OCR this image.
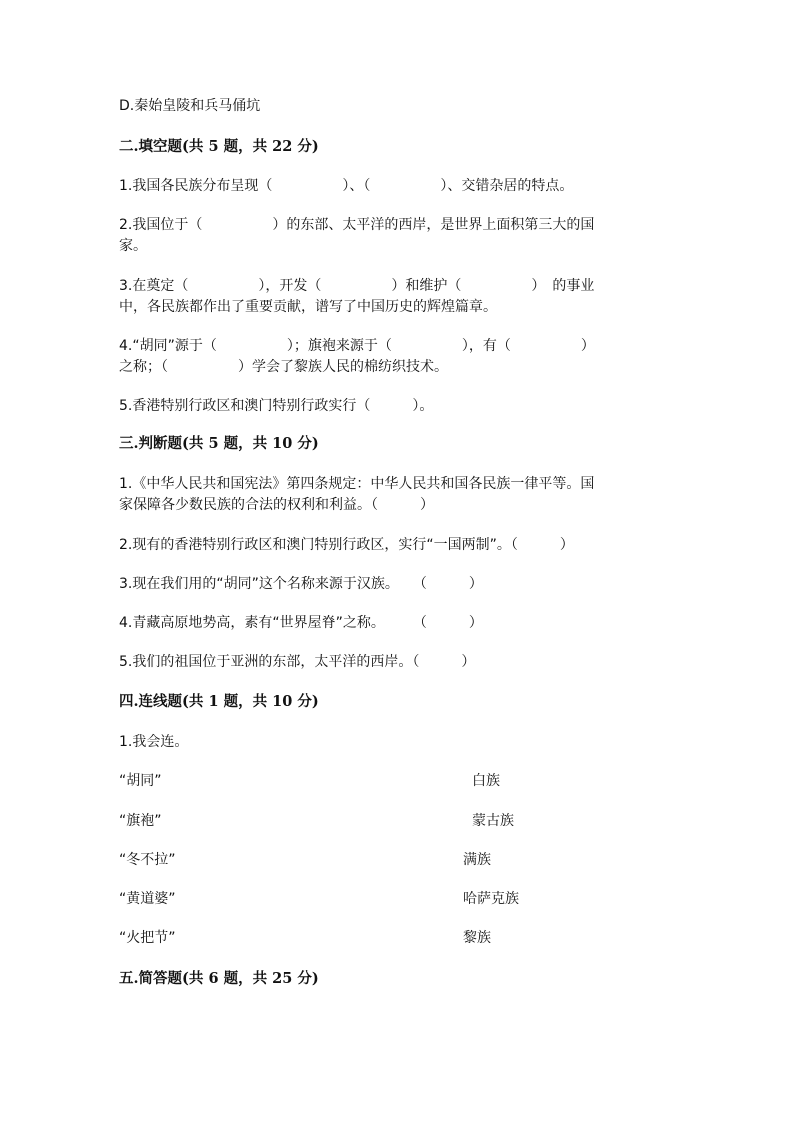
D.秦始皇陵和兵马俑坑
二.填空题(共 5 题，共 22 分)
1.我国各民族分布呈现（　　　　　）、（　　　　　）、交错杂居的特点。
2.我国位于（　　　　　）的东部、太平洋的西岸，是世界上面积第三大的国
家。
3.在奠定（　　　　　），开发（　　　　　）和维护（　　　　　）　的事业
中，各民族都作出了重要贡献，谱写了中国历史的辉煌篇章。
4.“胡同”源于（　　　　　）；旗袍来源于（　　　　　），有（　　　　　）
之称；（　　　　　）学会了黎族人民的棉纺织技术。
5.香港特别行政区和澳门特别行政实行（　　　）。
三.判断题(共 5 题，共 10 分)
1.《中华人民共和国宪法》第四条规定：中华人民共和国各民族一律平等。国
家保障各少数民族的合法的权利和利益。（　　　）
2.现有的香港特别行政区和澳门特别行政区，实行“一国两制”。（　　　）
3.现在我们用的“胡同”这个名称来源于汉族。　　（　　　）
4.青藏高原地势高，素有“世界屋脊”之称。　　　（　　　）
5.我们的祖国位于亚洲的东部，太平洋的西岸。（　　　）
四.连线题(共 1 题，共 10 分)
1.我会连。
“胡同”
“旗袍”
“冬不拉”
“黄道婆”
“火把节”
白族
蒙古族
满族
哈萨克族
黎族
五.简答题(共 6 题，共 25 分)
